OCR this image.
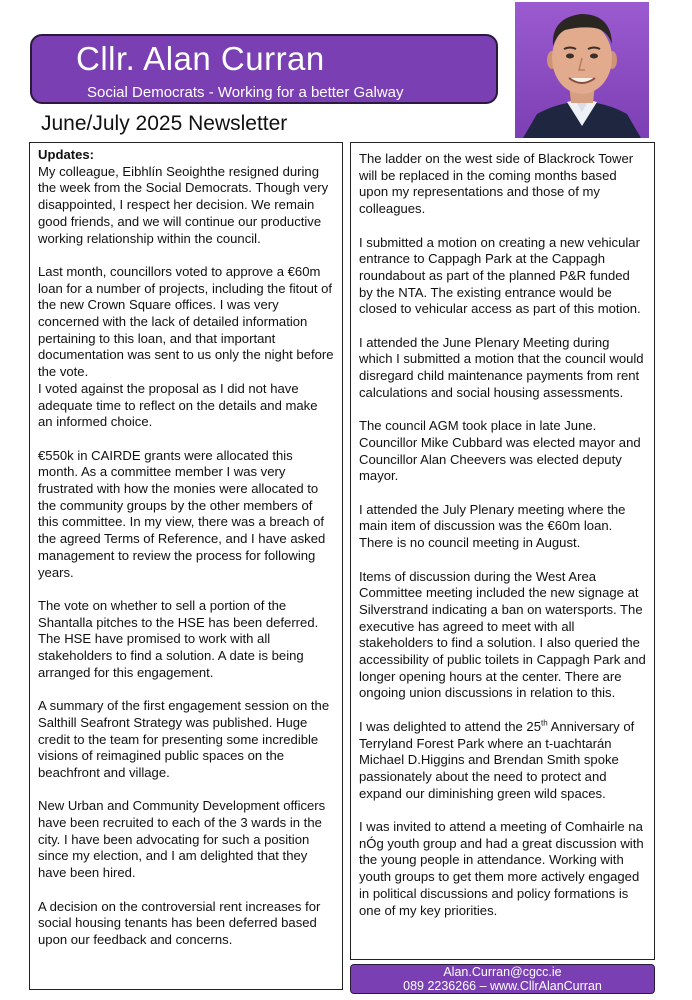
Cllr. Alan Curran
Social Democrats - Working for a better Galway
June/July 2025 Newsletter

Updates:
My colleague, Eibhlín Seoighthe resigned during the week from the Social Democrats. Though very disappointed, I respect her decision. We remain good friends, and we will continue our productive working relationship within the council.

Last month, councillors voted to approve a €60m loan for a number of projects, including the fitout of the new Crown Square offices. I was very concerned with the lack of detailed information pertaining to this loan, and that important documentation was sent to us only the night before the vote.

I voted against the proposal as I did not have adequate time to reflect on the details and make an informed choice.

€550k in CAIRDE grants were allocated this month. As a committee member I was very frustrated with how the monies were allocated to the community groups by the other members of this committee. In my view, there was a breach of the agreed Terms of Reference, and I have asked management to review the process for following years.

The vote on whether to sell a portion of the Shantalla pitches to the HSE has been deferred. The HSE have promised to work with all stakeholders to find a solution. A date is being arranged for this engagement.

A summary of the first engagement session on the Salthill Seafront Strategy was published. Huge credit to the team for presenting some incredible visions of reimagined public spaces on the beachfront and village.

New Urban and Community Development officers have been recruited to each of the 3 wards in the city. I have been advocating for such a position since my election, and I am delighted that they have been hired.

A decision on the controversial rent increases for social housing tenants has been deferred based upon our feedback and concerns.

The ladder on the west side of Blackrock Tower will be replaced in the coming months based upon my representations and those of my colleagues.

I submitted a motion on creating a new vehicular entrance to Cappagh Park at the Cappagh roundabout as part of the planned P&R funded by the NTA. The existing entrance would be closed to vehicular access as part of this motion.

I attended the June Plenary Meeting during which I submitted a motion that the council would disregard child maintenance payments from rent calculations and social housing assessments.

The council AGM took place in late June. Councillor Mike Cubbard was elected mayor and Councillor Alan Cheevers was elected deputy mayor.

I attended the July Plenary meeting where the main item of discussion was the €60m loan. There is no council meeting in August.

Items of discussion during the West Area Committee meeting included the new signage at Silverstrand indicating a ban on watersports. The executive has agreed to meet with all stakeholders to find a solution. I also queried the accessibility of public toilets in Cappagh Park and longer opening hours at the center. There are ongoing union discussions in relation to this.

I was delighted to attend the 25th Anniversary of Terryland Forest Park where an t-uachtarán Michael D.Higgins and Brendan Smith spoke passionately about the need to protect and expand our diminishing green wild spaces.

I was invited to attend a meeting of Comhairle na nÓg youth group and had a great discussion with the young people in attendance. Working with youth groups to get them more actively engaged in political discussions and policy formations is one of my key priorities.

Alan.Curran@cgcc.ie
089 2236266 – www.CllrAlanCurran
